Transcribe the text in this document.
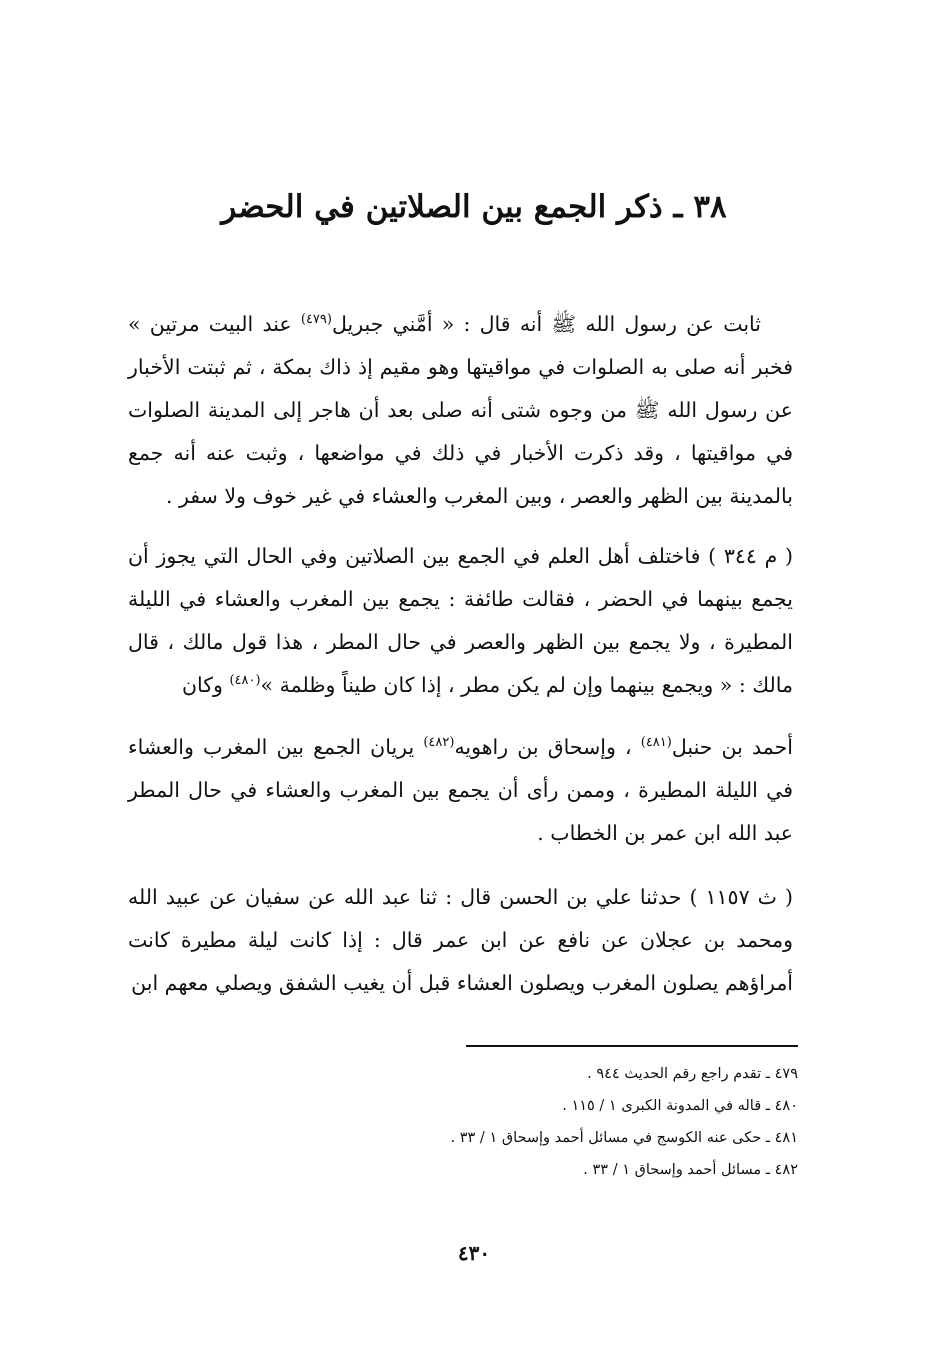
٣٨ ـ ذكر الجمع بين الصلاتين في الحضر

ثابت عن رسول الله ﷺ أنه قال : « أمَّني جبريل$^{(٤٧٩)}$ عند البيت مرتين » فخبر أنه صلى به الصلوات في مواقيتها وهو مقيم إذ ذاك بمكة ، ثم ثبتت الأخبار عن رسول الله ﷺ من وجوه شتى أنه صلى بعد أن هاجر إلى المدينة الصلوات في مواقيتها ، وقد ذكرت الأخبار في ذلك في مواضعها ، وثبت عنه أنه جمع بالمدينة بين الظهر والعصر ، وبين المغرب والعشاء في غير خوف ولا سفر .

( م ٣٤٤ ) فاختلف أهل العلم في الجمع بين الصلاتين وفي الحال التي يجوز أن يجمع بينهما في الحضر ، فقالت طائفة : يجمع بين المغرب والعشاء في الليلة المطيرة ، ولا يجمع بين الظهر والعصر في حال المطر ، هذا قول مالك ، قال مالك : « ويجمع بينهما وإن لم يكن مطر ، إذا كان طيناً وظلمة »$^{(٤٨٠)}$ وكان

أحمد بن حنبل$^{(٤٨١)}$ ، وإسحاق بن راهويه$^{(٤٨٢)}$ يريان الجمع بين المغرب والعشاء في الليلة المطيرة ، وممن رأى أن يجمع بين المغرب والعشاء في حال المطر عبد الله ابن عمر بن الخطاب .

( ث ١١٥٧ ) حدثنا علي بن الحسن قال : ثنا عبد الله عن سفيان عن عبيد الله ومحمد بن عجلان عن نافع عن ابن عمر قال : إذا كانت ليلة مطيرة كانت أمراؤهم يصلون المغرب ويصلون العشاء قبل أن يغيب الشفق ويصلي معهم ابن

٤٧٩ ـ تقدم راجع رقم الحديث ٩٤٤ .
٤٨٠ ـ قاله في المدونة الكبرى ١ / ١١٥ .
٤٨١ ـ حكى عنه الكوسج في مسائل أحمد وإسحاق ١ / ٣٣ .
٤٨٢ ـ مسائل أحمد وإسحاق ١ / ٣٣ .
٤٣٠
